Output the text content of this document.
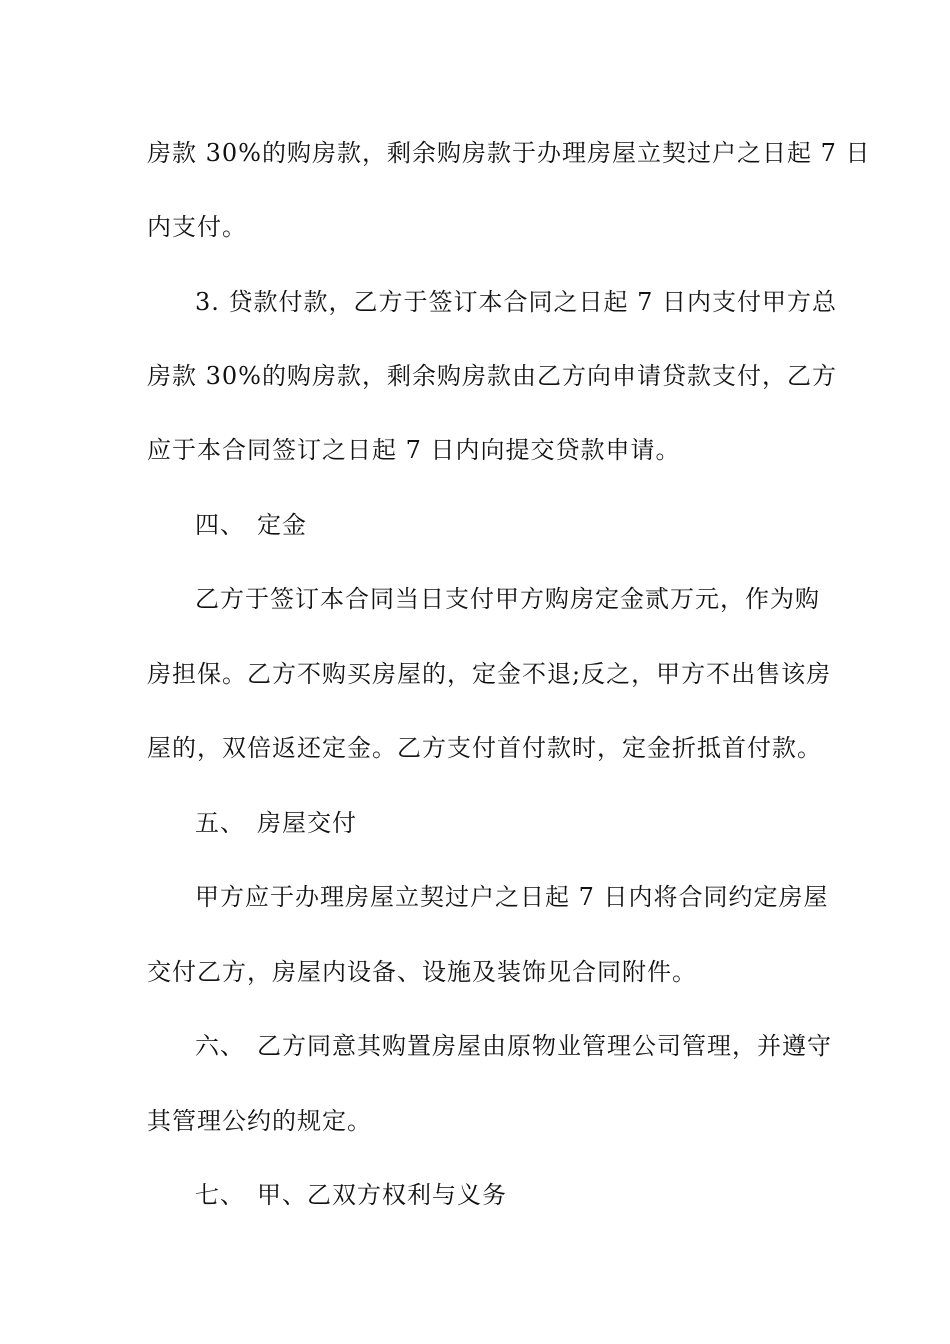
房款 30%的购房款，剩余购房款于办理房屋立契过户之日起 7 日
内支付。
3. 贷款付款，乙方于签订本合同之日起 7 日内支付甲方总
房款 30%的购房款，剩余购房款由乙方向申请贷款支付，乙方
应于本合同签订之日起 7 日内向提交贷款申请。
四、 定金
乙方于签订本合同当日支付甲方购房定金贰万元，作为购
房担保。乙方不购买房屋的，定金不退;反之，甲方不出售该房
屋的，双倍返还定金。乙方支付首付款时，定金折抵首付款。
五、 房屋交付
甲方应于办理房屋立契过户之日起 7 日内将合同约定房屋
交付乙方，房屋内设备、设施及装饰见合同附件。
六、 乙方同意其购置房屋由原物业管理公司管理，并遵守
其管理公约的规定。
七、 甲、乙双方权利与义务
